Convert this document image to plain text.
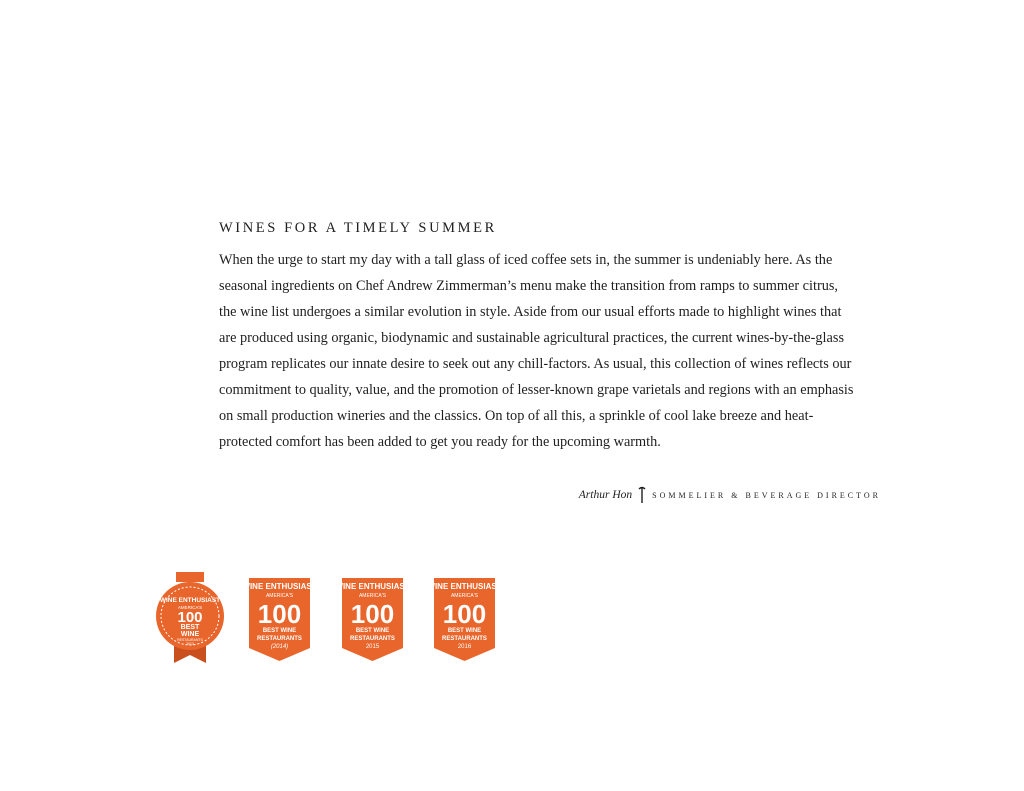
WINES FOR A TIMELY SUMMER

When the urge to start my day with a tall glass of iced coffee sets in, the summer is undeniably here. As the
seasonal ingredients on Chef Andrew Zimmerman’s menu make the transition from ramps to summer citrus,
the wine list undergoes a similar evolution in style. Aside from our usual efforts made to highlight wines that
are produced using organic, biodynamic and sustainable agricultural practices, the current wines-by-the-glass
program replicates our innate desire to seek out any chill-factors. As usual, this collection of wines reflects our
commitment to quality, value, and the promotion of lesser-known grape varietals and regions with an emphasis
on small production wineries and the classics. On top of all this, a sprinkle of cool lake breeze and heat-
protected comfort has been added to get you ready for the upcoming warmth.

Arthur Hon	SOMMELIER & BEVERAGE DIRECTOR
WINE ENTHUSIAST
AMERICA'S
100
BEST
WINE
RESTAURANTS
2013
WINE ENTHUSIAST
AMERICA'S
100
BEST WINE
RESTAURANTS
(2014)
WINE ENTHUSIAST
AMERICA'S
100
BEST WINE
RESTAURANTS
2015
WINE ENTHUSIAST
AMERICA'S
100
BEST WINE
RESTAURANTS
2016
